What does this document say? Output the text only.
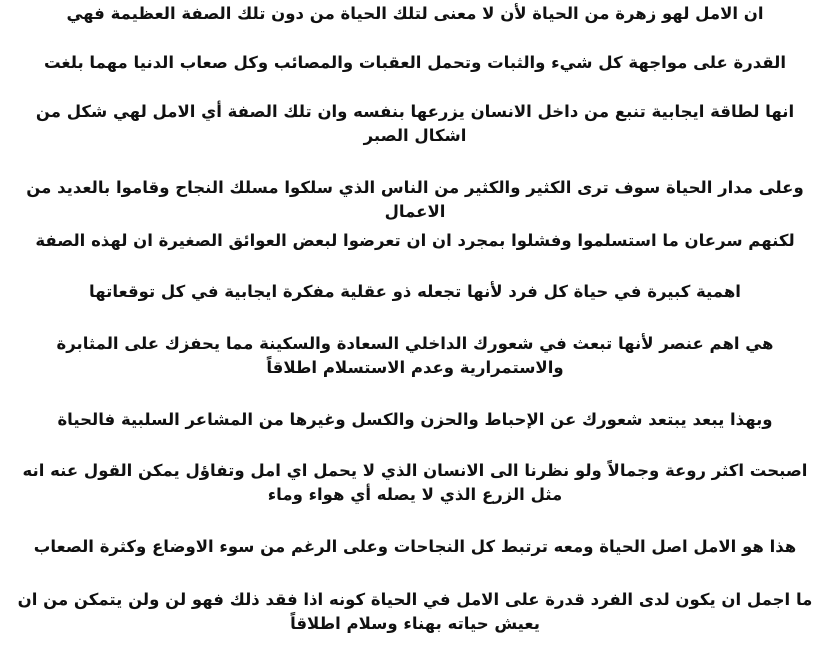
ان الامل لهو زهرة من الحياة لأن لا معنى لتلك الحياة من دون تلك الصفة العظيمة فهي

القدرة على مواجهة كل شيء والثبات وتحمل العقبات والمصائب وكل صعاب الدنيا مهما بلغت

انها لطاقة ايجابية تنبع من داخل الانسان يزرعها بنفسه وان تلك الصفة أي الامل لهي شكل من اشكال الصبر

وعلى مدار الحياة سوف ترى الكثير والكثير من الناس الذي سلكوا مسلك النجاح وقاموا بالعديد من الاعمال

لكنهم سرعان ما استسلموا وفشلوا بمجرد ان ان تعرضوا لبعض العوائق الصغيرة ان لهذه الصفة

اهمية كبيرة في حياة كل فرد لأنها تجعله ذو عقلية مفكرة ايجابية في كل توقعاتها

هي اهم عنصر لأنها تبعث في شعورك الداخلي السعادة والسكينة مما يحفزك على المثابرة والاستمرارية وعدم الاستسلام اطلاقاً

وبهذا يبعد يبتعد شعورك عن الإحباط والحزن والكسل وغيرها من المشاعر السلبية فالحياة

اصبحت اكثر روعة وجمالاً ولو نظرنا الى الانسان الذي لا يحمل اي امل وتفاؤل يمكن القول عنه انه مثل الزرع الذي لا يصله أي هواء وماء

هذا هو الامل اصل الحياة ومعه ترتبط كل النجاحات وعلى الرغم من سوء الاوضاع وكثرة الصعاب

ما اجمل ان يكون لدى الفرد قدرة على الامل في الحياة كونه اذا فقد ذلك فهو لن ولن يتمكن من ان يعيش حياته بهناء وسلام اطلاقاً
